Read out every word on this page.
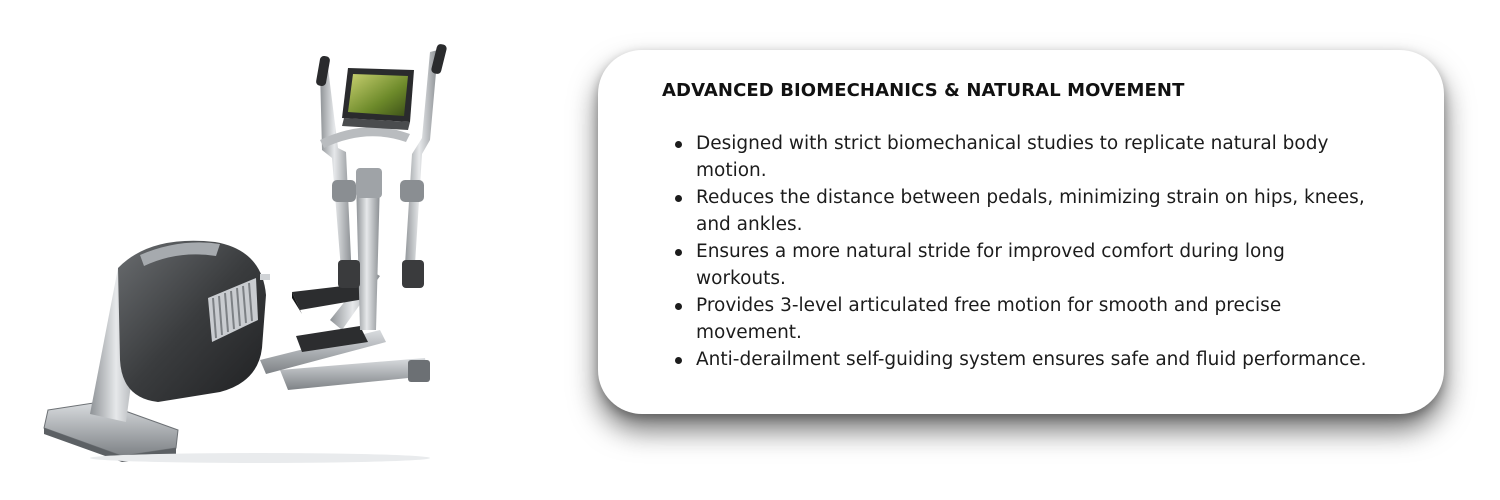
ADVANCED BIOMECHANICS & NATURAL MOVEMENT
Designed with strict biomechanical studies to replicate natural body motion.
Reduces the distance between pedals, minimizing strain on hips, knees, and ankles.
Ensures a more natural stride for improved comfort during long workouts.
Provides 3-level articulated free motion for smooth and precise movement.
Anti-derailment self-guiding system ensures safe and fluid performance.
